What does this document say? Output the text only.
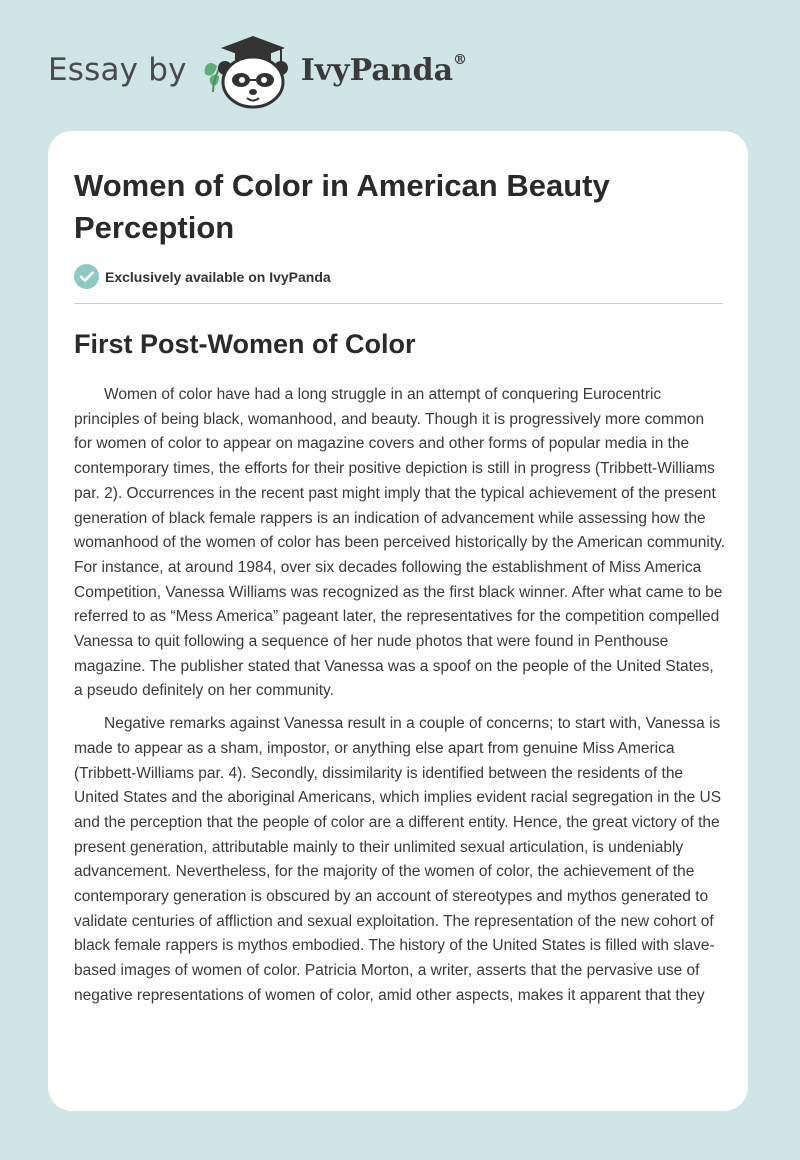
Essay by	IvyPanda®
Women of Color in American Beauty Perception
Exclusively available on IvyPanda
First Post-Women of Color

Women of color have had a long struggle in an attempt of conquering Eurocentric principles of being black, womanhood, and beauty. Though it is progressively more common for women of color to appear on magazine covers and other forms of popular media in the contemporary times, the efforts for their positive depiction is still in progress (Tribbett-Williams par. 2). Occurrences in the recent past might imply that the typical achievement of the present generation of black female rappers is an indication of advancement while assessing how the womanhood of the women of color has been perceived historically by the American community. For instance, at around 1984, over six decades following the establishment of Miss America Competition, Vanessa Williams was recognized as the first black winner. After what came to be referred to as “Mess America” pageant later, the representatives for the competition compelled Vanessa to quit following a sequence of her nude photos that were found in Penthouse magazine. The publisher stated that Vanessa was a spoof on the people of the United States, a pseudo definitely on her community.

Negative remarks against Vanessa result in a couple of concerns; to start with, Vanessa is made to appear as a sham, impostor, or anything else apart from genuine Miss America (Tribbett-Williams par. 4). Secondly, dissimilarity is identified between the residents of the United States and the aboriginal Americans, which implies evident racial segregation in the US and the perception that the people of color are a different entity. Hence, the great victory of the present generation, attributable mainly to their unlimited sexual articulation, is undeniably advancement. Nevertheless, for the majority of the women of color, the achievement of the contemporary generation is obscured by an account of stereotypes and mythos generated to validate centuries of affliction and sexual exploitation. The representation of the new cohort of black female rappers is mythos embodied. The history of the United States is filled with slave-based images of women of color. Patricia Morton, a writer, asserts that the pervasive use of negative representations of women of color, amid other aspects, makes it apparent that they
